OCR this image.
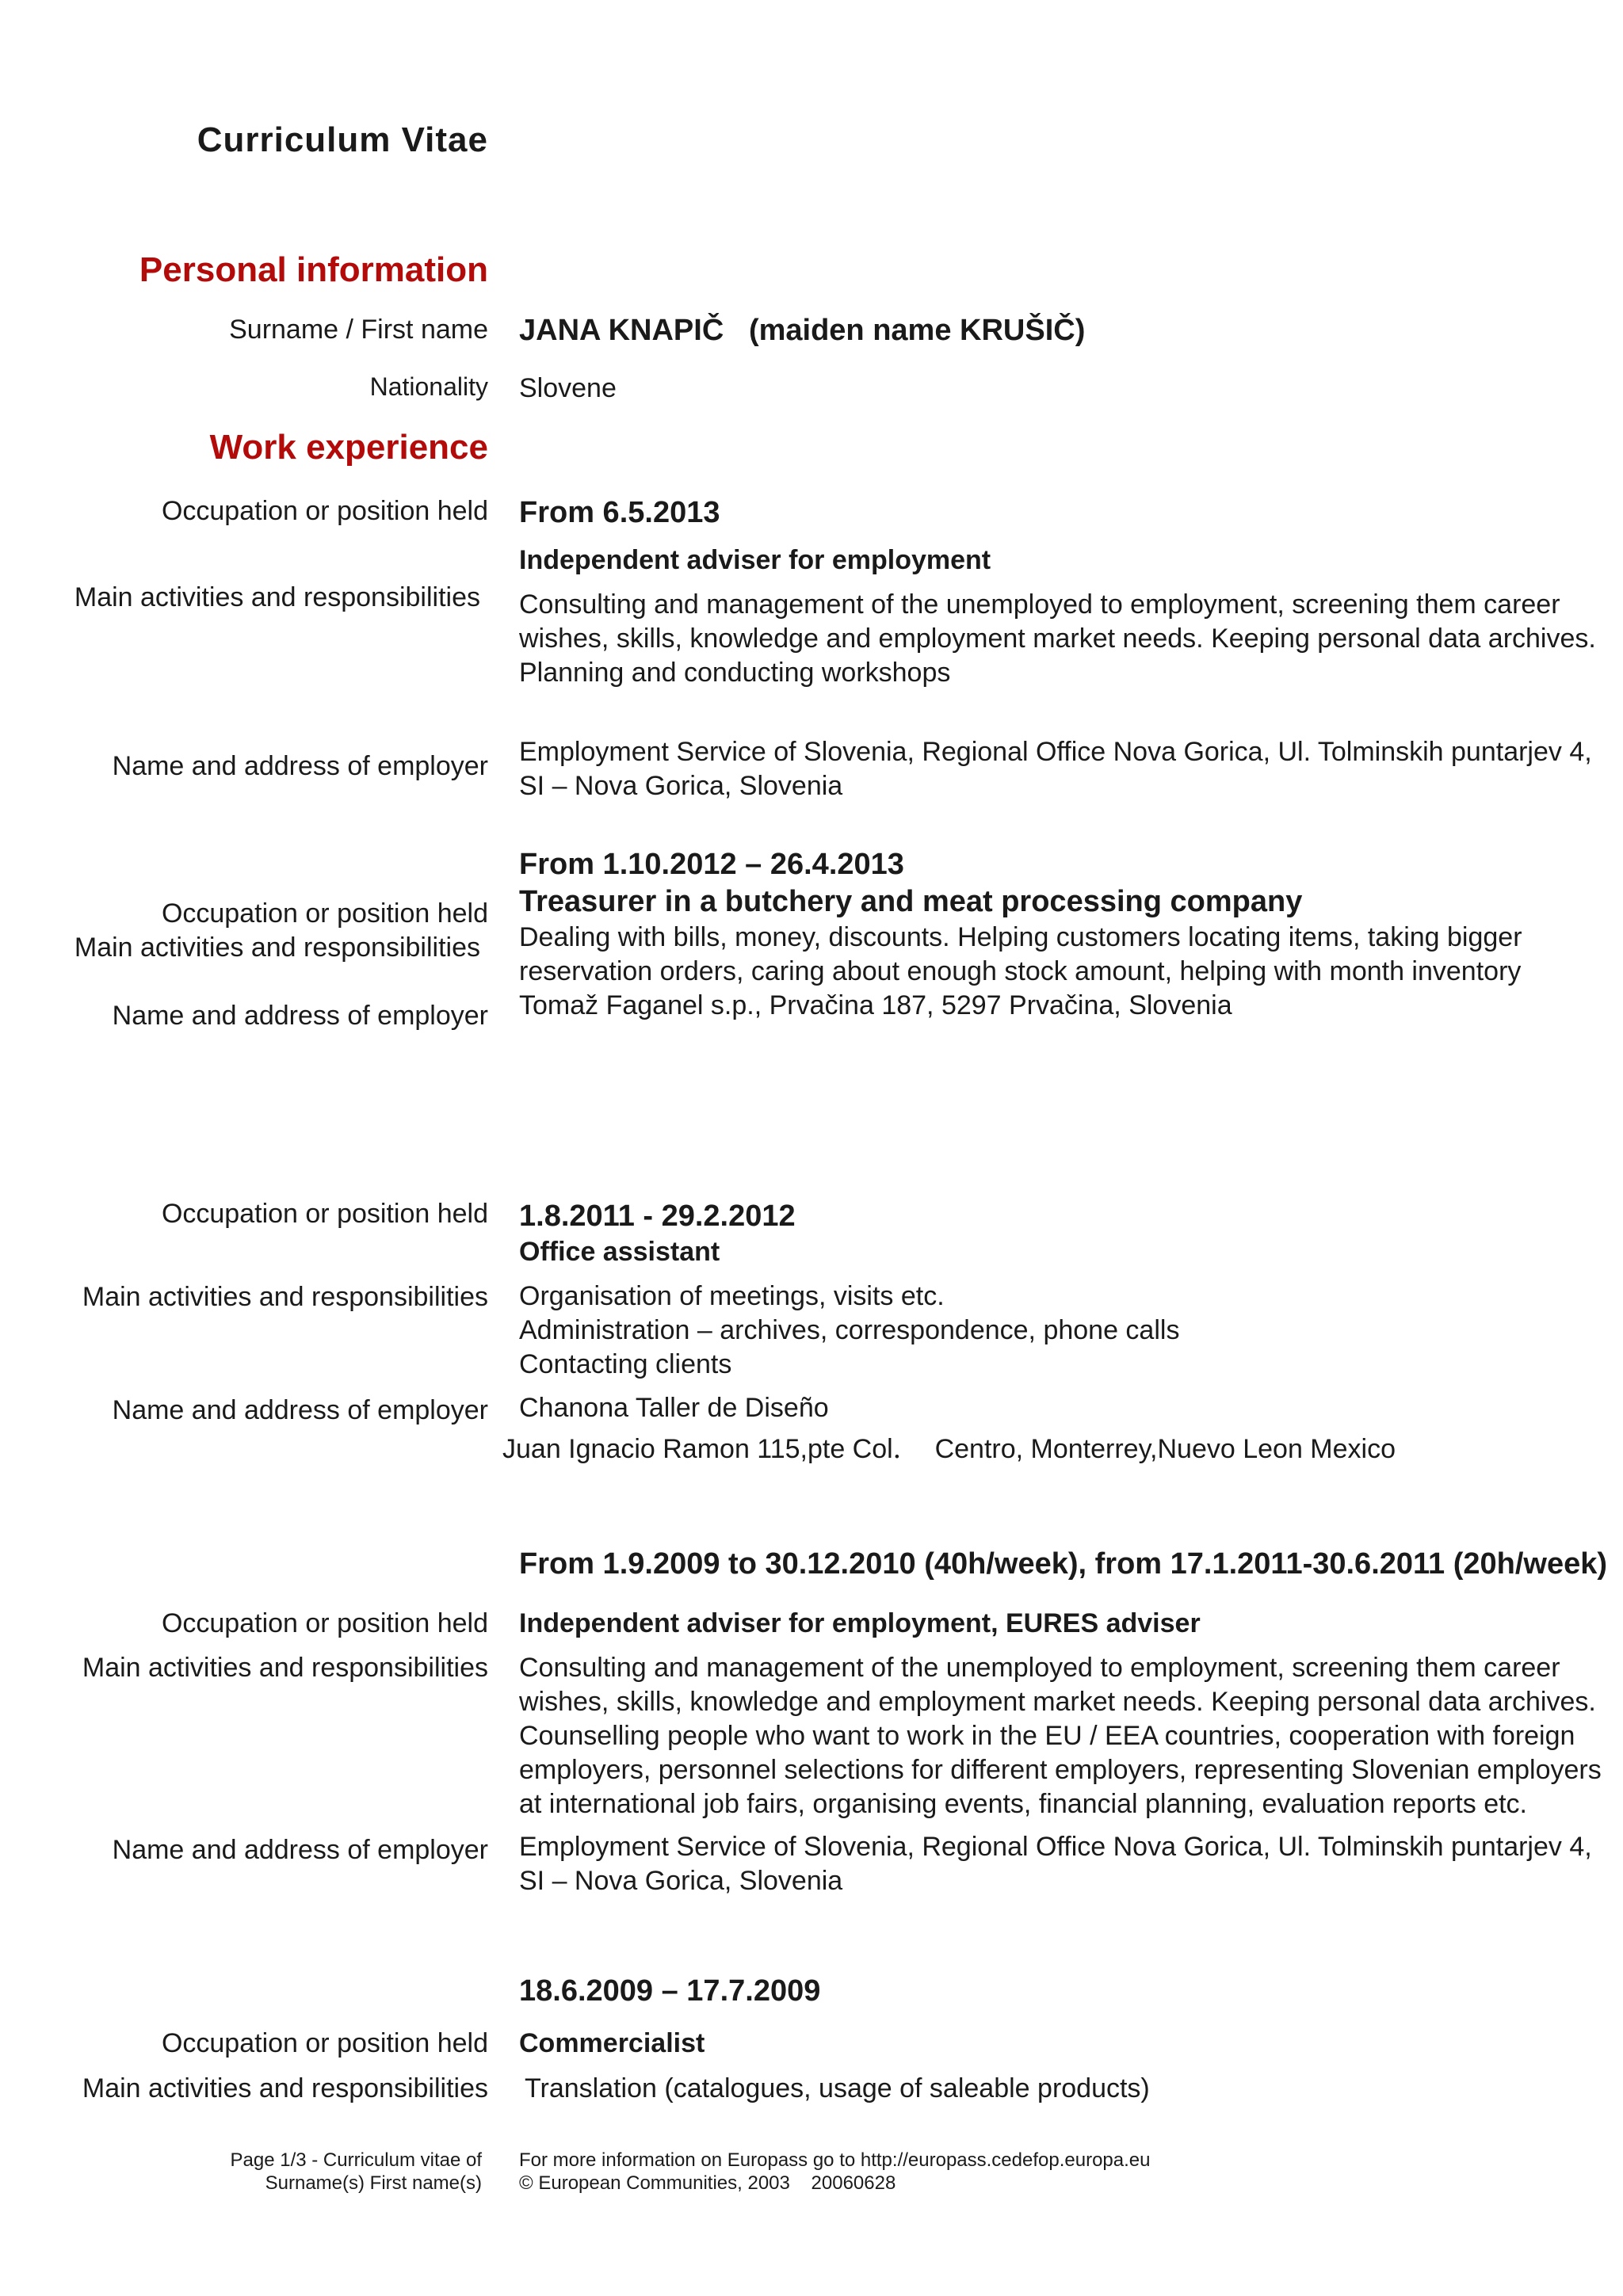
Curriculum Vitae
Personal information
Surname / First name JANA KNAPIČ   (maiden name KRUŠIČ)
Nationality Slovene
Work experience
Occupation or position held From 6.5.2013
Independent adviser for employment
Main activities and responsibilities Consulting and management of the unemployed to employment, screening them career
wishes, skills, knowledge and employment market needs. Keeping personal data archives.
Planning and conducting workshops
Name and address of employer Employment Service of Slovenia, Regional Office Nova Gorica, Ul. Tolminskih puntarjev 4,
SI – Nova Gorica, Slovenia
From 1.10.2012 – 26.4.2013
Occupation or position held Treasurer in a butchery and meat processing company
Main activities and responsibilities Dealing with bills, money, discounts. Helping customers locating items, taking bigger
reservation orders, caring about enough stock amount, helping with month inventory
Tomaž Faganel s.p., Prvačina 187, 5297 Prvačina, Slovenia
Name and address of employer
Occupation or position held 1.8.2011 - 29.2.2012
Office assistant
Main activities and responsibilities Organisation of meetings, visits etc.
Administration – archives, correspondence, phone calls
Contacting clients
Name and address of employer Chanona Taller de Diseño
Juan Ignacio Ramon 115,pte Col．  Centro, Monterrey,Nuevo Leon Mexico
From 1.9.2009 to 30.12.2010 (40h/week), from 17.1.2011-30.6.2011 (20h/week)
Occupation or position held Independent adviser for employment, EURES adviser
Main activities and responsibilities Consulting and management of the unemployed to employment, screening them career
wishes, skills, knowledge and employment market needs. Keeping personal data archives.
Counselling people who want to work in the EU / EEA countries, cooperation with foreign
employers, personnel selections for different employers, representing Slovenian employers
at international job fairs, organising events, financial planning, evaluation reports etc.
Name and address of employer Employment Service of Slovenia, Regional Office Nova Gorica, Ul. Tolminskih puntarjev 4,
SI – Nova Gorica, Slovenia
18.6.2009 – 17.7.2009
Occupation or position held Commercialist
Main activities and responsibilities Translation (catalogues, usage of saleable products)
Page 1/3 - Curriculum vitae of
Surname(s) First name(s)
For more information on Europass go to http://europass.cedefop.europa.eu
© European Communities, 2003    20060628
